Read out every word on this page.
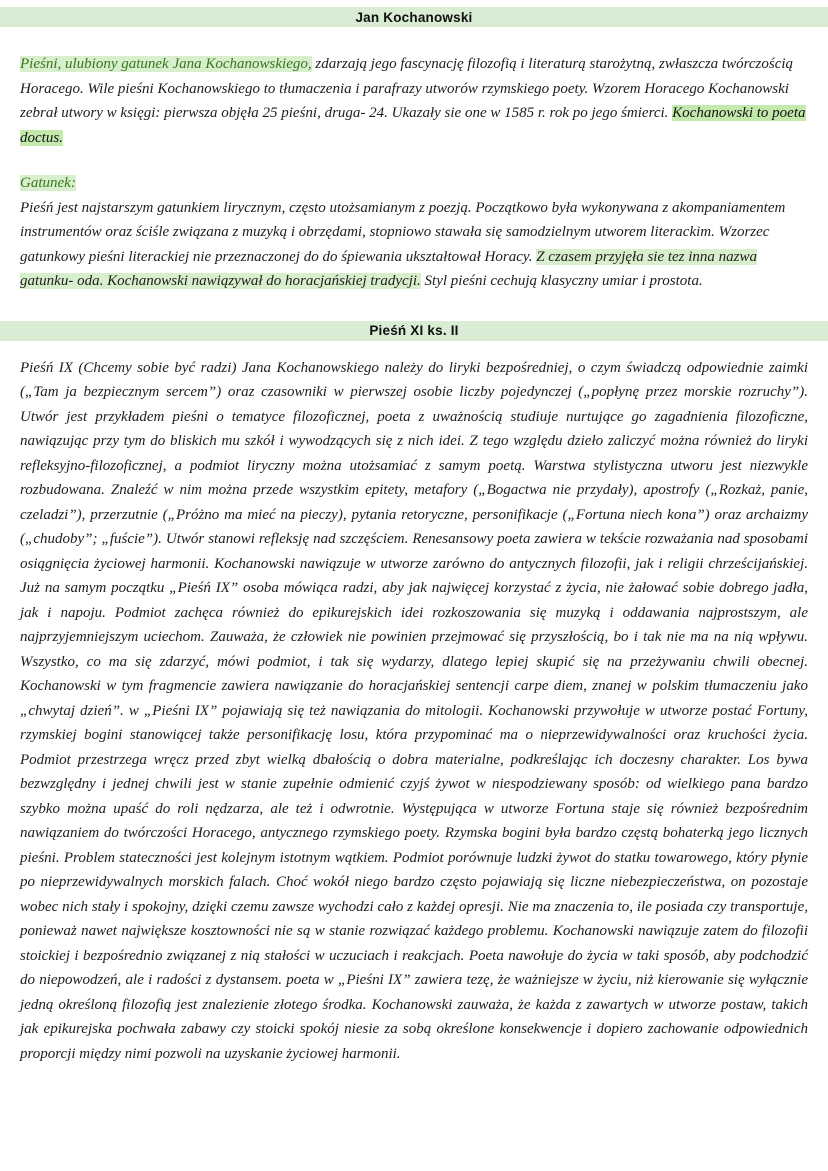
Jan Kochanowski

Pieśni, ulubiony gatunek Jana Kochanowskiego, zdarzają jego fascynację filozofią i literaturą starożytną, zwłaszcza twórczością Horacego. Wile pieśni Kochanowskiego to tłumaczenia i parafrazy utworów rzymskiego poety. Wzorem Horacego Kochanowski zebrał utwory w księgi: pierwsza objęła 25 pieśni, druga- 24. Ukazały sie one w 1585 r. rok po jego śmierci. Kochanowski to poeta doctus.

Gatunek:

Pieśń jest najstarszym gatunkiem lirycznym, często utożsamianym z poezją. Początkowo była wykonywana z akompaniamentem instrumentów oraz ściśle związana z muzyką i obrzędami, stopniowo stawała się samodzielnym utworem literackim. Wzorzec gatunkowy pieśni literackiej nie przeznaczonej do do śpiewania ukształtował Horacy. Z czasem przyjęła sie tez inna nazwa gatunku- oda. Kochanowski nawiązywał do horacjańskiej tradycji. Styl pieśni cechują klasyczny umiar i prostota.

Pieśń XI ks. II

Pieśń IX (Chcemy sobie być radzi) Jana Kochanowskiego należy do liryki bezpośredniej, o czym świadczą odpowiednie zaimki („Tam ja bezpiecznym sercem”) oraz czasowniki w pierwszej osobie liczby pojedynczej („popłynę przez morskie rozruchy”). Utwór jest przykładem pieśni o tematyce filozoficznej, poeta z uważnością studiuje nurtujące go zagadnienia filozoficzne, nawiązując przy tym do bliskich mu szkół i wywodzących się z nich idei. Z tego względu dzieło zaliczyć można również do liryki refleksyjno-filozoficznej, a podmiot liryczny można utożsamiać z samym poetą. Warstwa stylistyczna utworu jest niezwykle rozbudowana. Znaleźć w nim można przede wszystkim epitety, metafory („Bogactwa nie przydały), apostrofy („Rozkaż, panie, czeladzi”), przerzutnie („Próżno ma mieć na pieczy), pytania retoryczne, personifikacje („Fortuna niech kona”) oraz archaizmy („chudoby”; „fuście”). Utwór stanowi refleksję nad szczęściem. Renesansowy poeta zawiera w tekście rozważania nad sposobami osiągnięcia życiowej harmonii. Kochanowski nawiązuje w utworze zarówno do antycznych filozofii, jak i religii chrześcijańskiej. Już na samym początku „Pieśń IX” osoba mówiąca radzi, aby jak najwięcej korzystać z życia, nie żałować sobie dobrego jadła, jak i napoju. Podmiot zachęca również do epikurejskich idei rozkoszowania się muzyką i oddawania najprostszym, ale najprzyjemniejszym uciechom. Zauważa, że człowiek nie powinien przejmować się przyszłością, bo i tak nie ma na nią wpływu. Wszystko, co ma się zdarzyć, mówi podmiot, i tak się wydarzy, dlatego lepiej skupić się na przeżywaniu chwili obecnej. Kochanowski w tym fragmencie zawiera nawiązanie do horacjańskiej sentencji carpe diem, znanej w polskim tłumaczeniu jako „chwytaj dzień”. w „Pieśni IX” pojawiają się też nawiązania do mitologii. Kochanowski przywołuje w utworze postać Fortuny, rzymskiej bogini stanowiącej także personifikację losu, która przypominać ma o nieprzewidywalności oraz kruchości życia. Podmiot przestrzega wręcz przed zbyt wielką dbałością o dobra materialne, podkreślając ich doczesny charakter. Los bywa bezwzględny i jednej chwili jest w stanie zupełnie odmienić czyjś żywot w niespodziewany sposób: od wielkiego pana bardzo szybko można upaść do roli nędzarza, ale też i odwrotnie. Występująca w utworze Fortuna staje się również bezpośrednim nawiązaniem do twórczości Horacego, antycznego rzymskiego poety. Rzymska bogini była bardzo częstą bohaterką jego licznych pieśni. Problem stateczności jest kolejnym istotnym wątkiem. Podmiot porównuje ludzki żywot do statku towarowego, który płynie po nieprzewidywalnych morskich falach. Choć wokół niego bardzo często pojawiają się liczne niebezpieczeństwa, on pozostaje wobec nich stały i spokojny, dzięki czemu zawsze wychodzi cało z każdej opresji. Nie ma znaczenia to, ile posiada czy transportuje, ponieważ nawet największe kosztowności nie są w stanie rozwiązać każdego problemu. Kochanowski nawiązuje zatem do filozofii stoickiej i bezpośrednio związanej z nią stałości w uczuciach i reakcjach. Poeta nawołuje do życia w taki sposób, aby podchodzić do niepowodzeń, ale i radości z dystansem. poeta w „Pieśni IX” zawiera tezę, że ważniejsze w życiu, niż kierowanie się wyłącznie jedną określoną filozofią jest znalezienie złotego środka. Kochanowski zauważa, że każda z zawartych w utworze postaw, takich jak epikurejska pochwała zabawy czy stoicki spokój niesie za sobą określone konsekwencje i dopiero zachowanie odpowiednich proporcji między nimi pozwoli na uzyskanie życiowej harmonii.
